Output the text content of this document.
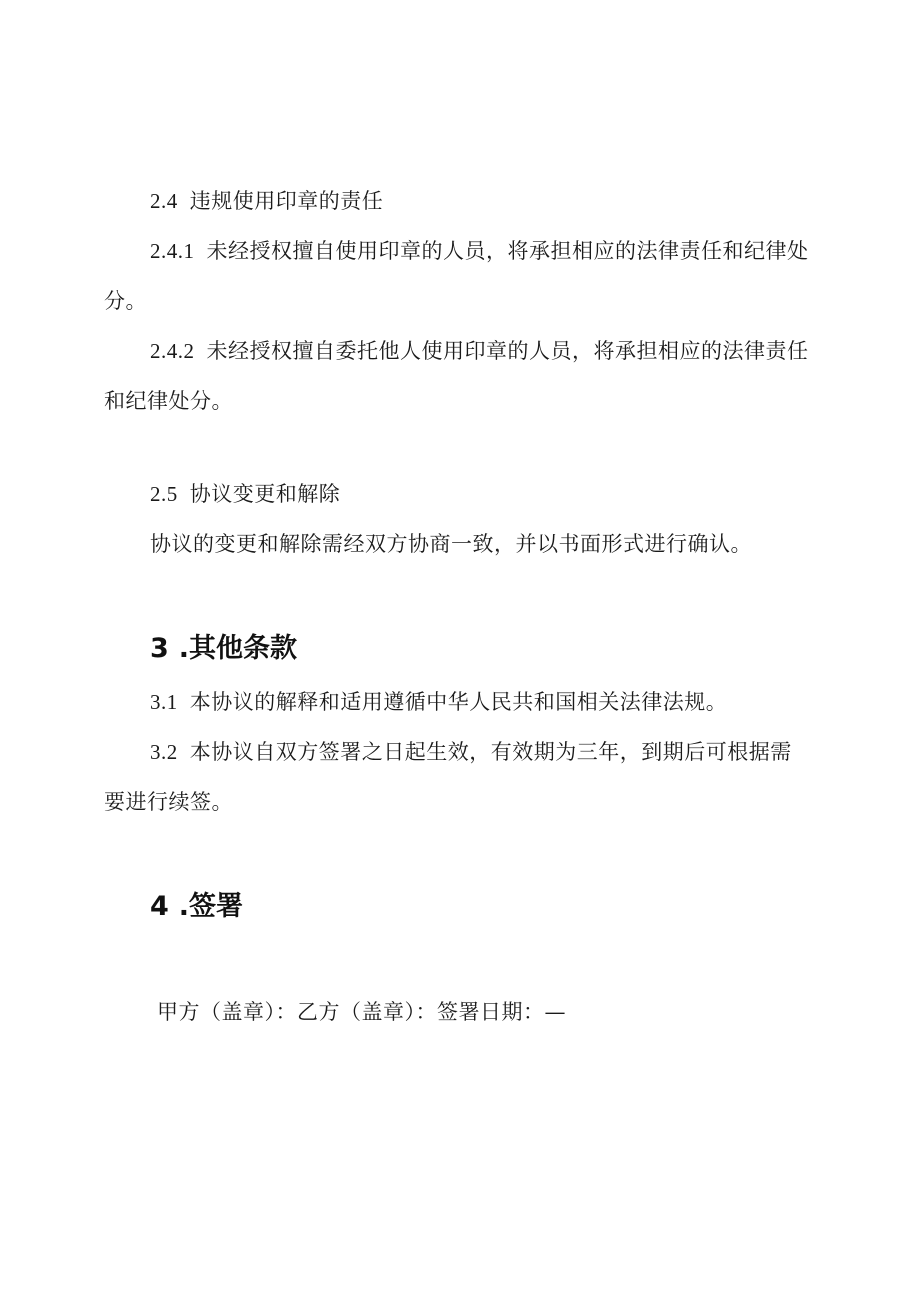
2.4 违规使用印章的责任
2.4.1 未经授权擅自使用印章的人员，将承担相应的法律责任和纪律处
分。
2.4.2 未经授权擅自委托他人使用印章的人员，将承担相应的法律责任
和纪律处分。
2.5 协议变更和解除
协议的变更和解除需经双方协商一致，并以书面形式进行确认。
3 .其他条款
3.1 本协议的解释和适用遵循中华人民共和国相关法律法规。
3.2 本协议自双方签署之日起生效，有效期为三年，到期后可根据需
要进行续签。
4 .签署
甲方（盖章）：乙方（盖章）：签署日期：—
